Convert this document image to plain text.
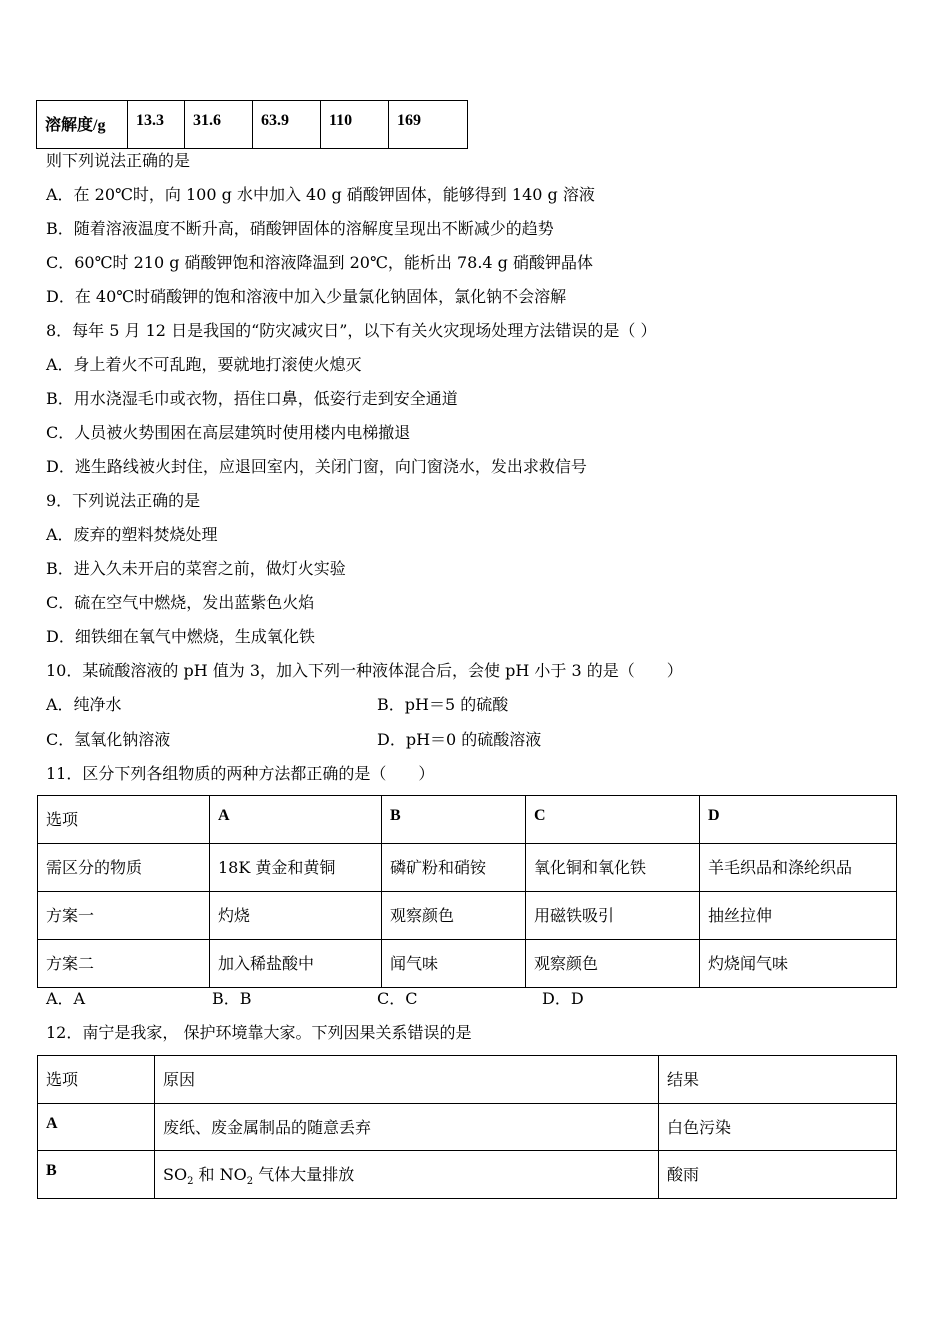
溶解度/g	13.3	31.6	63.9	110	169
则下列说法正确的是
A．在 20℃时，向 100 g 水中加入 40 g 硝酸钾固体，能够得到 140 g 溶液
B．随着溶液温度不断升高，硝酸钾固体的溶解度呈现出不断减少的趋势
C．60℃时 210 g 硝酸钾饱和溶液降温到 20℃，能析出 78.4 g 硝酸钾晶体
D．在 40℃时硝酸钾的饱和溶液中加入少量氯化钠固体，氯化钠不会溶解
8．每年 5 月 12 日是我国的“防灾减灾日”，以下有关火灾现场处理方法错误的是（ ）
A．身上着火不可乱跑，要就地打滚使火熄灭
B．用水浇湿毛巾或衣物，捂住口鼻，低姿行走到安全通道
C．人员被火势围困在高层建筑时使用楼内电梯撤退
D．逃生路线被火封住，应退回室内，关闭门窗，向门窗浇水，发出求救信号
9．下列说法正确的是
A．废弃的塑料焚烧处理
B．进入久未开启的菜窖之前，做灯火实验
C．硫在空气中燃烧，发出蓝紫色火焰
D．细铁细在氧气中燃烧，生成氧化铁
10．某硫酸溶液的 pH 值为 3，加入下列一种液体混合后，会使 pH 小于 3 的是（　　）
A．纯净水	B．pH＝5 的硫酸
C．氢氧化钠溶液	D．pH＝0 的硫酸溶液
11．区分下列各组物质的两种方法都正确的是（　　）
选项	A	B	C	D
需区分的物质	18K 黄金和黄铜	磷矿粉和硝铵	氧化铜和氧化铁	羊毛织品和涤纶织品
方案一	灼烧	观察颜色	用磁铁吸引	抽丝拉伸
方案二	加入稀盐酸中	闻气味	观察颜色	灼烧闻气味
A．A	B．B	C．C	D．D
12．南宁是我家， 保护环境靠大家。下列因果关系错误的是
选项	原因	结果
A	废纸、废金属制品的随意丢弃	白色污染
B	$SO_2$ 和 $NO_2$ 气体大量排放	酸雨
